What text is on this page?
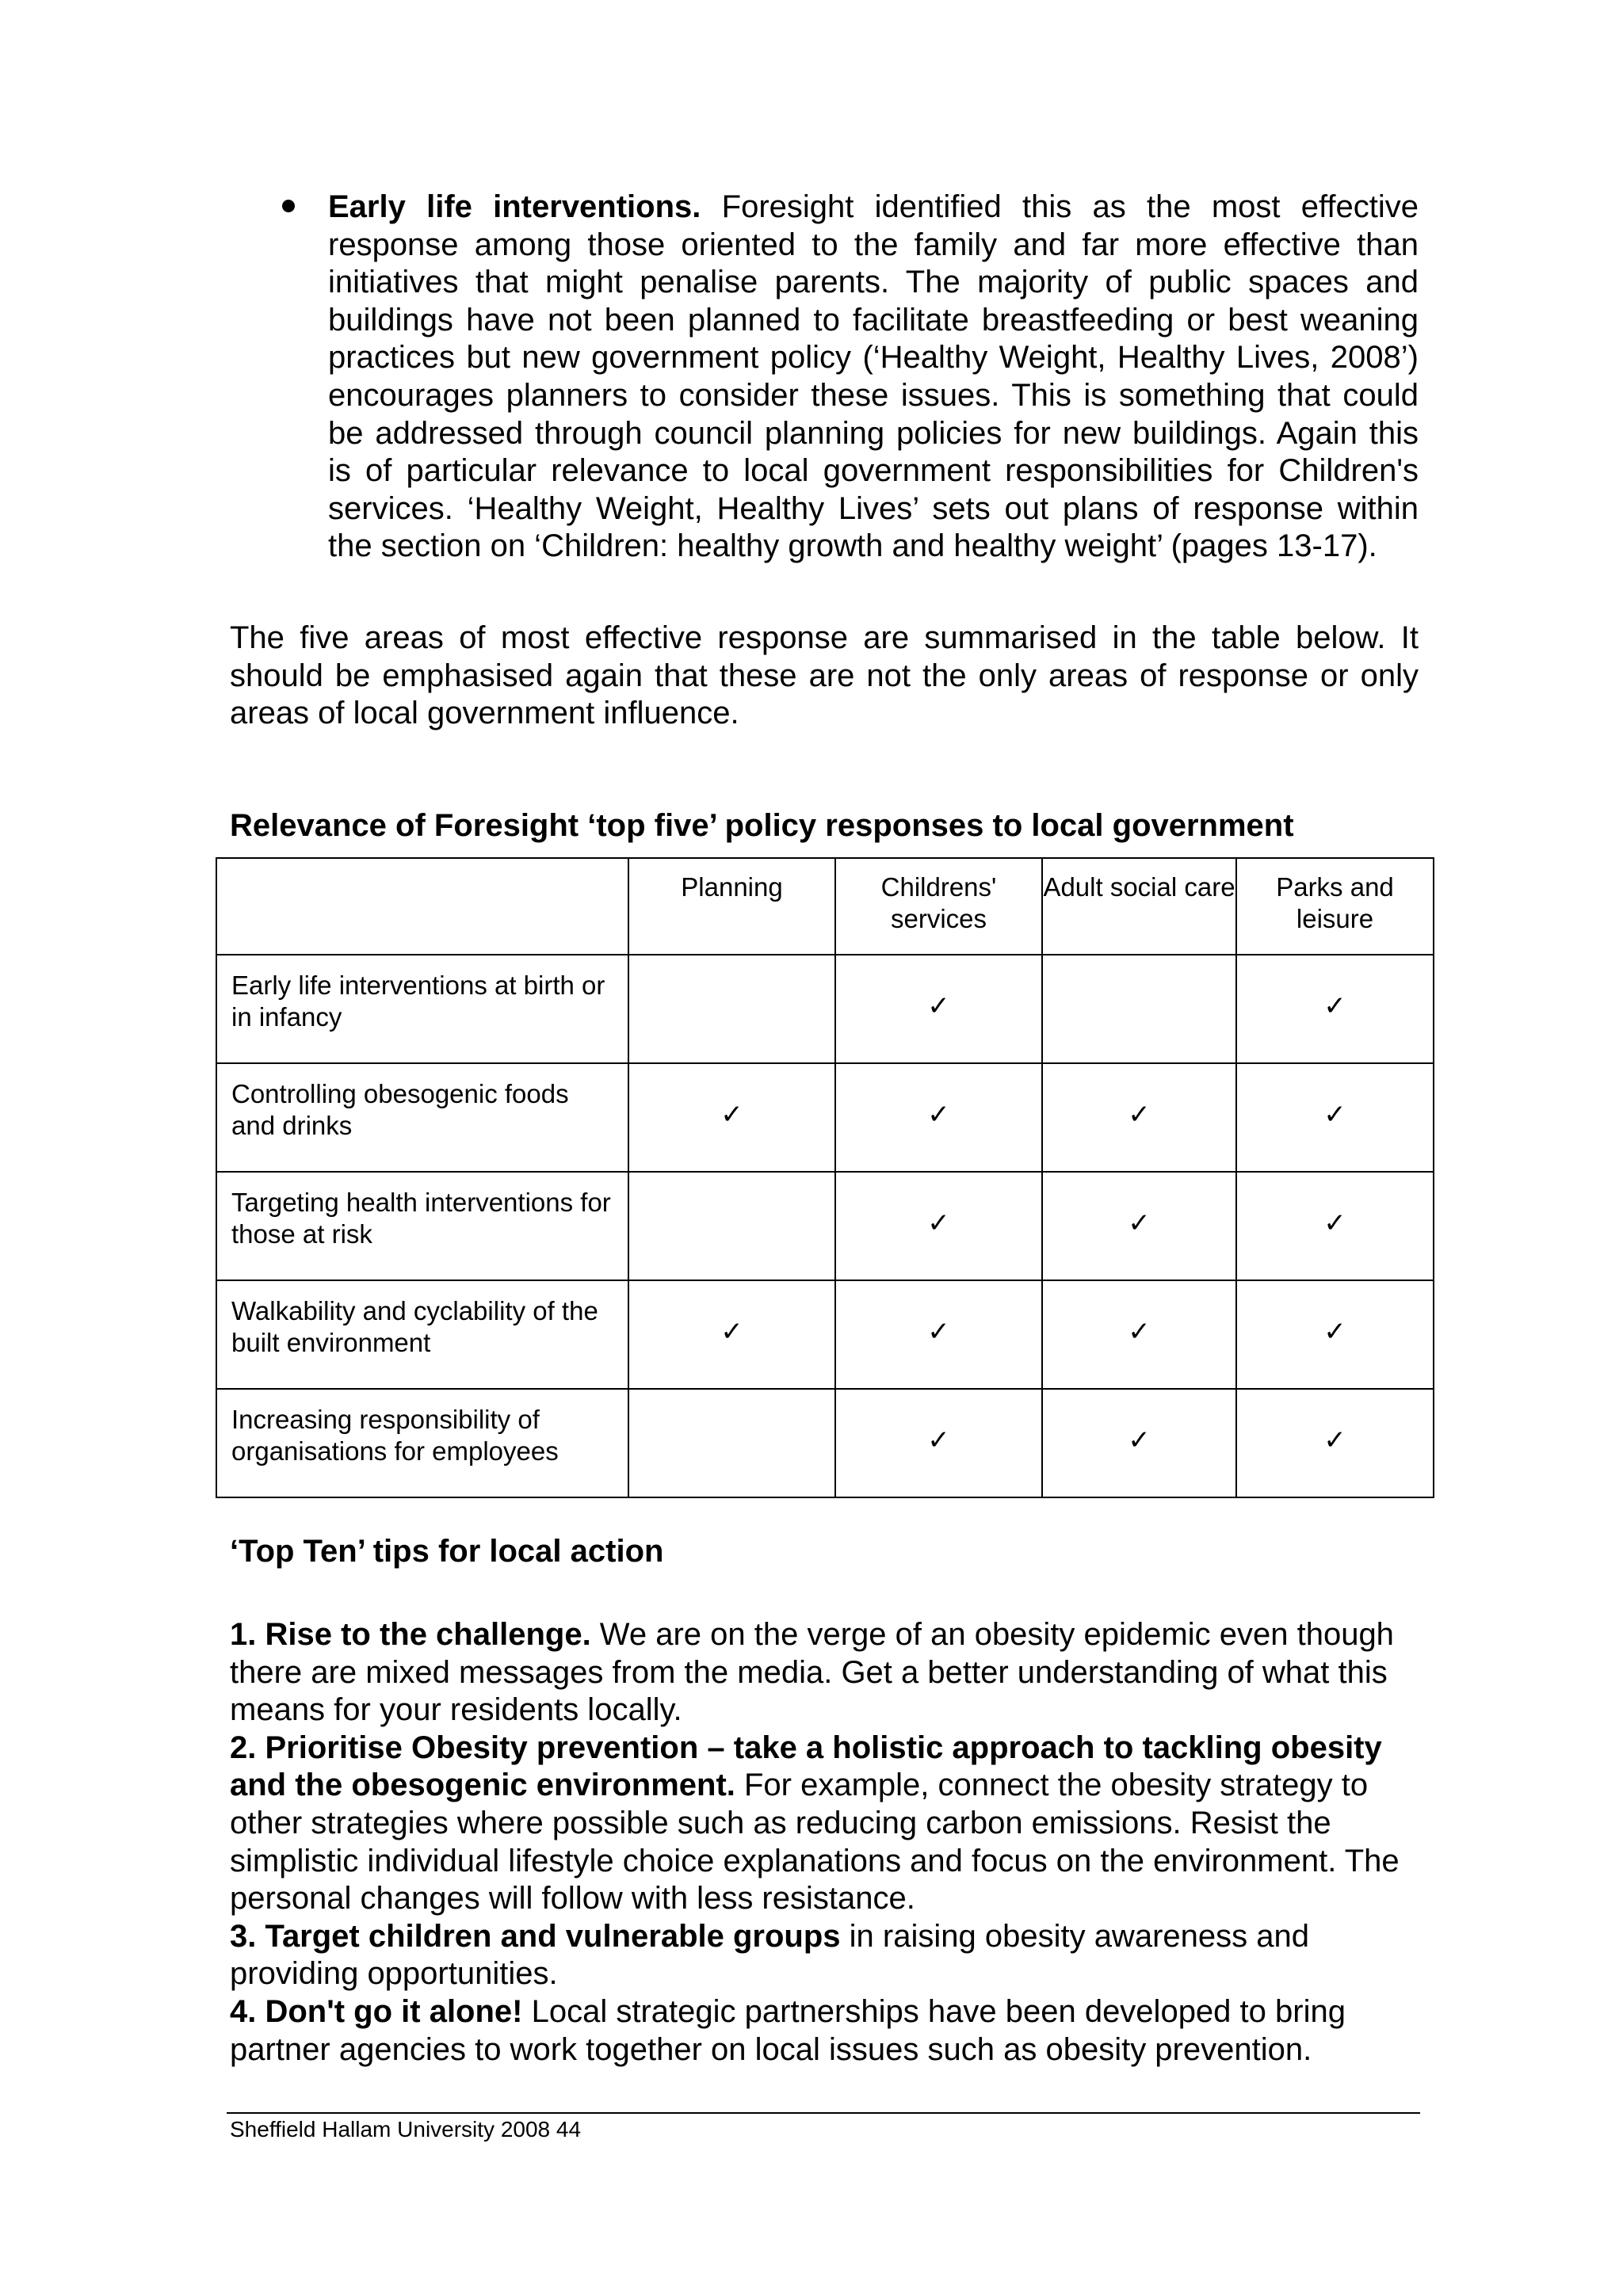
Early life interventions. Foresight identified this as the most effective response among those oriented to the family and far more effective than initiatives that might penalise parents. The majority of public spaces and buildings have not been planned to facilitate breastfeeding or best weaning practices but new government policy (‘Healthy Weight, Healthy Lives, 2008’) encourages planners to consider these issues. This is something that could be addressed through council planning policies for new buildings. Again this is of particular relevance to local government responsibilities for Children's services. ‘Healthy Weight, Healthy Lives’ sets out plans of response within the section on ‘Children: healthy growth and healthy weight’ (pages 13-17).

The five areas of most effective response are summarised in the table below. It should be emphasised again that these are not the only areas of response or only areas of local government influence.

Relevance of Foresight ‘top five’ policy responses to local government

	Planning	Childrens' services	Adult social care	Parks and leisure
Early life interventions at birth or in infancy		✓		✓
Controlling obesogenic foods and drinks	✓	✓	✓	✓
Targeting health interventions for those at risk		✓	✓	✓
Walkability and cyclability of the built environment	✓	✓	✓	✓
Increasing responsibility of organisations for employees		✓	✓	✓

‘Top Ten’ tips for local action

1. Rise to the challenge. We are on the verge of an obesity epidemic even though there are mixed messages from the media. Get a better understanding of what this means for your residents locally.

2. Prioritise Obesity prevention – take a holistic approach to tackling obesity and the obesogenic environment. For example, connect the obesity strategy to other strategies where possible such as reducing carbon emissions. Resist the simplistic individual lifestyle choice explanations and focus on the environment. The personal changes will follow with less resistance.

3. Target children and vulnerable groups in raising obesity awareness and providing opportunities.

4. Don't go it alone! Local strategic partnerships have been developed to bring partner agencies to work together on local issues such as obesity prevention.

Sheffield Hallam University 2008 44
